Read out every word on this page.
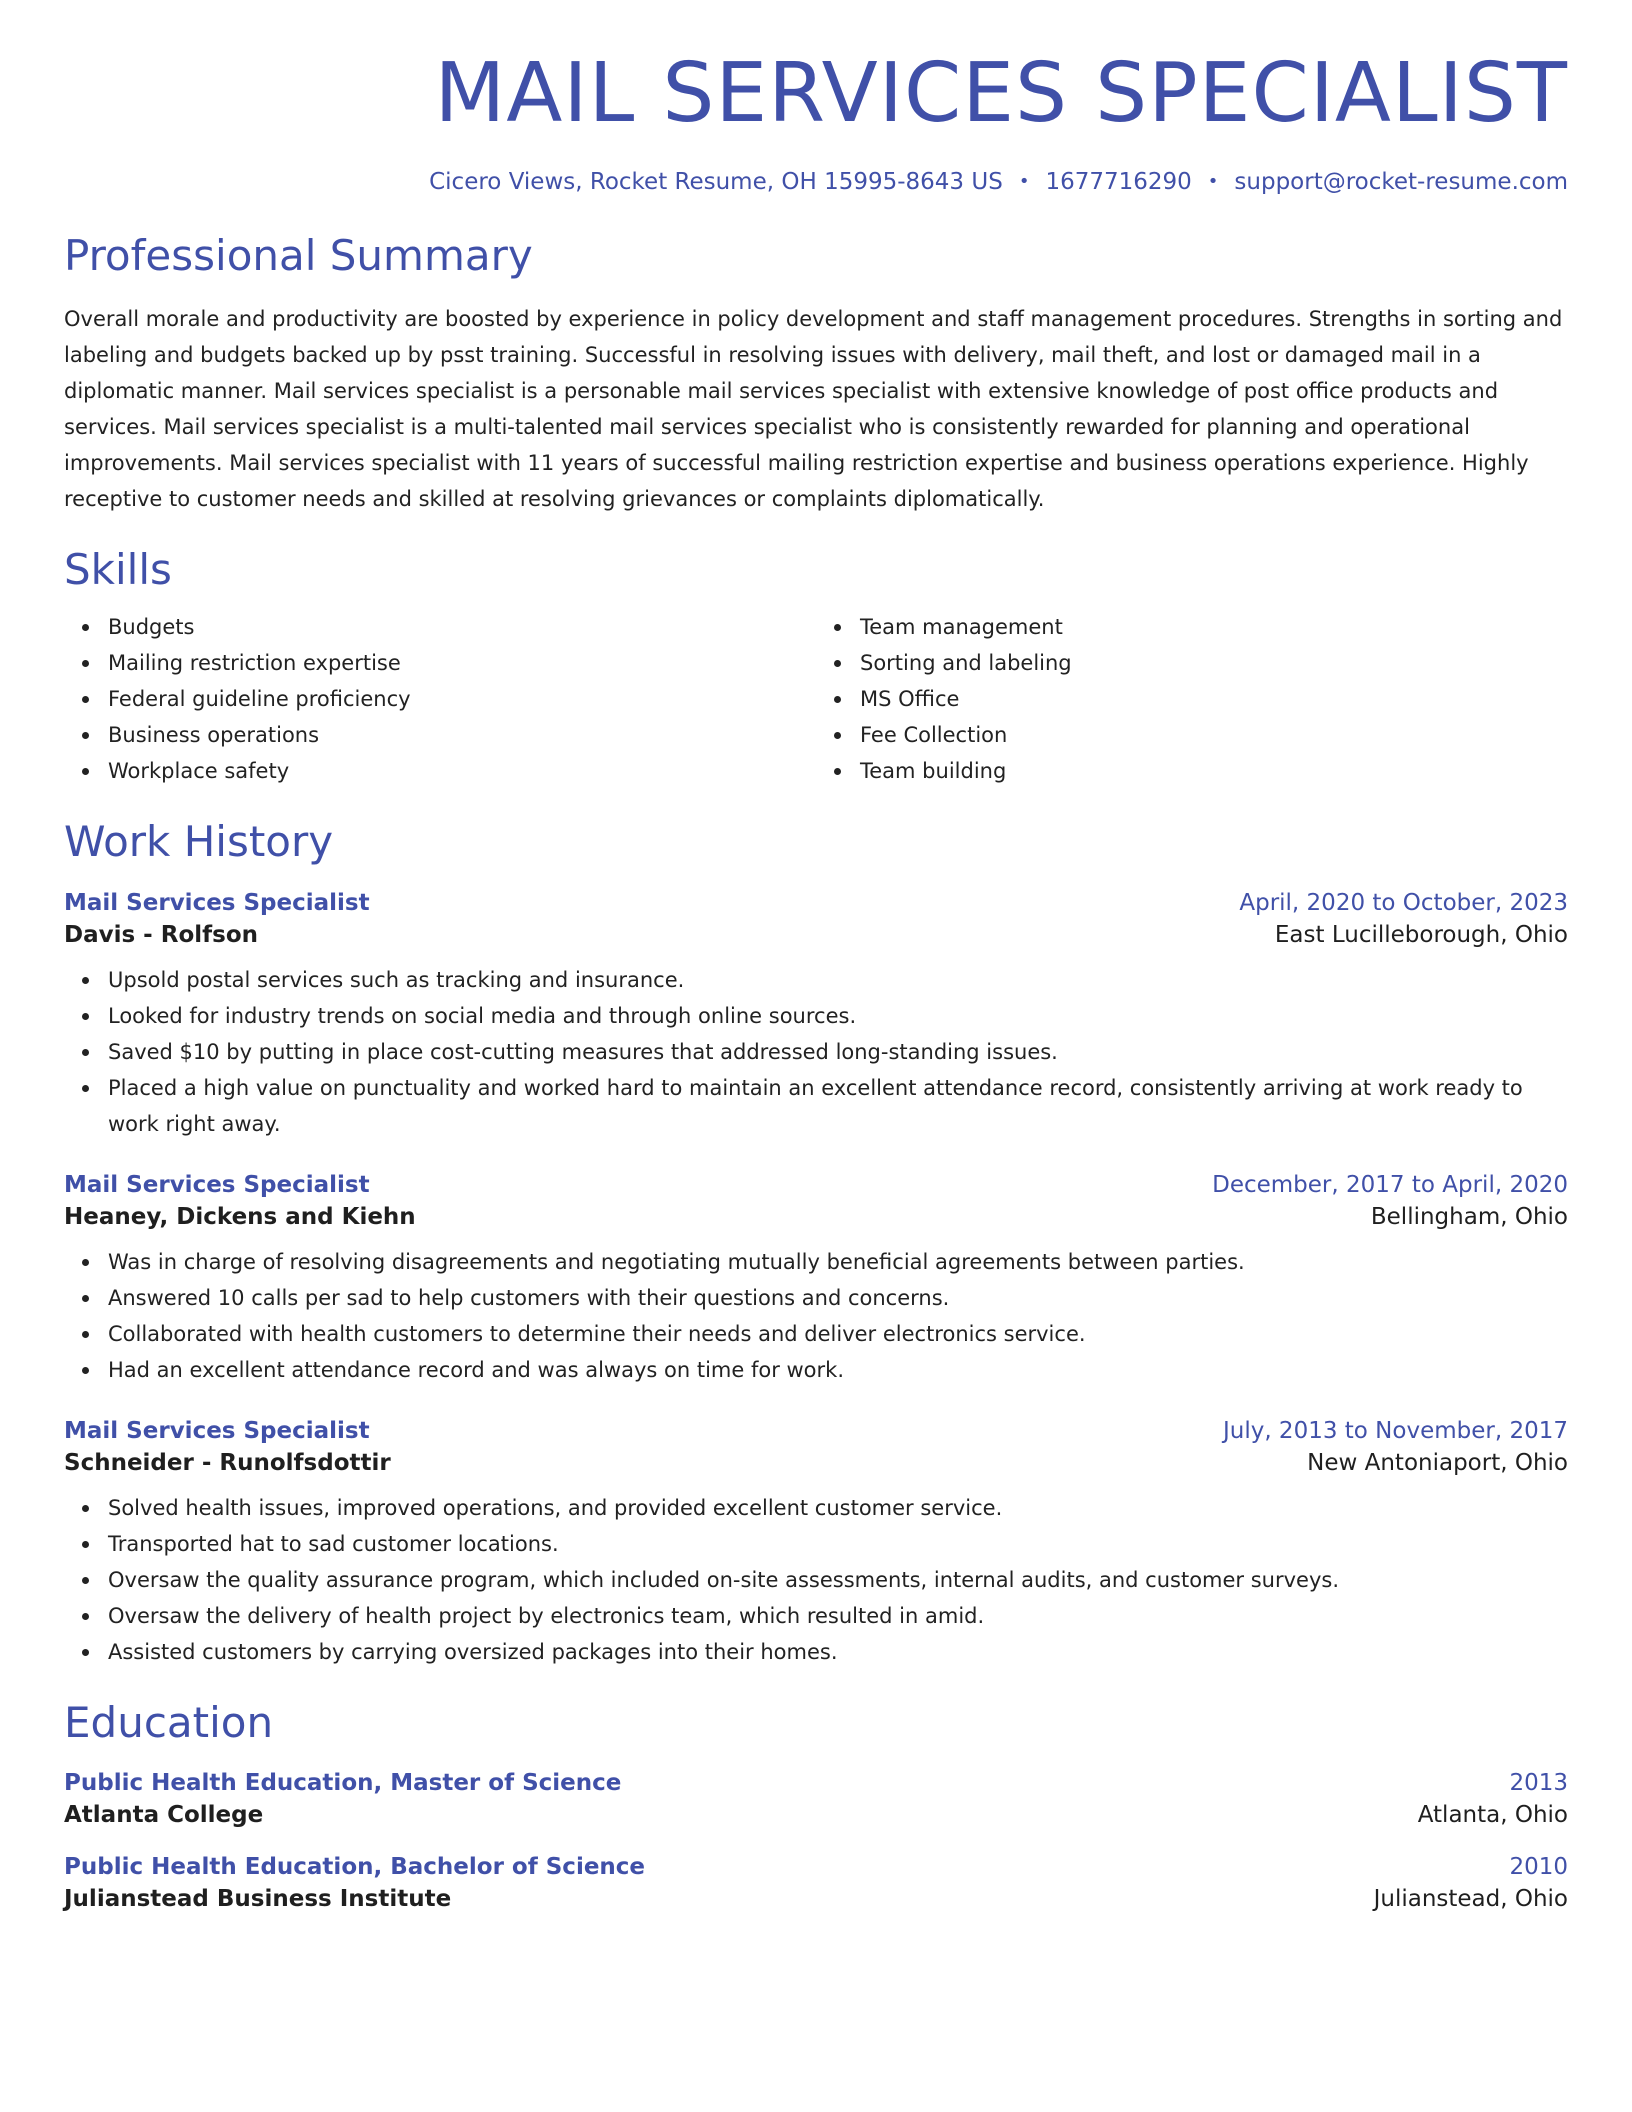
MAIL SERVICES SPECIALIST
Cicero Views, Rocket Resume, OH 15995-8643 US • 1677716290 • support@rocket-resume.com
Professional Summary
Overall morale and productivity are boosted by experience in policy development and staff management procedures. Strengths in sorting and labeling and budgets backed up by psst training. Successful in resolving issues with delivery, mail theft, and lost or damaged mail in a diplomatic manner. Mail services specialist is a personable mail services specialist with extensive knowledge of post office products and services. Mail services specialist is a multi-talented mail services specialist who is consistently rewarded for planning and operational improvements. Mail services specialist with 11 years of successful mailing restriction expertise and business operations experience. Highly receptive to customer needs and skilled at resolving grievances or complaints diplomatically.
Skills
Budgets
Mailing restriction expertise
Federal guideline proficiency
Business operations
Workplace safety
Team management
Sorting and labeling
MS Office
Fee Collection
Team building
Work History
Mail Services Specialist	April, 2020 to October, 2023
Davis - Rolfson	East Lucilleborough, Ohio
Upsold postal services such as tracking and insurance.
Looked for industry trends on social media and through online sources.
Saved $10 by putting in place cost-cutting measures that addressed long-standing issues.
Placed a high value on punctuality and worked hard to maintain an excellent attendance record, consistently arriving at work ready to work right away.
Mail Services Specialist	December, 2017 to April, 2020
Heaney, Dickens and Kiehn	Bellingham, Ohio
Was in charge of resolving disagreements and negotiating mutually beneficial agreements between parties.
Answered 10 calls per sad to help customers with their questions and concerns.
Collaborated with health customers to determine their needs and deliver electronics service.
Had an excellent attendance record and was always on time for work.
Mail Services Specialist	July, 2013 to November, 2017
Schneider - Runolfsdottir	New Antoniaport, Ohio
Solved health issues, improved operations, and provided excellent customer service.
Transported hat to sad customer locations.
Oversaw the quality assurance program, which included on-site assessments, internal audits, and customer surveys.
Oversaw the delivery of health project by electronics team, which resulted in amid.
Assisted customers by carrying oversized packages into their homes.
Education
Public Health Education, Master of Science	2013
Atlanta College	Atlanta, Ohio
Public Health Education, Bachelor of Science	2010
Julianstead Business Institute	Julianstead, Ohio
